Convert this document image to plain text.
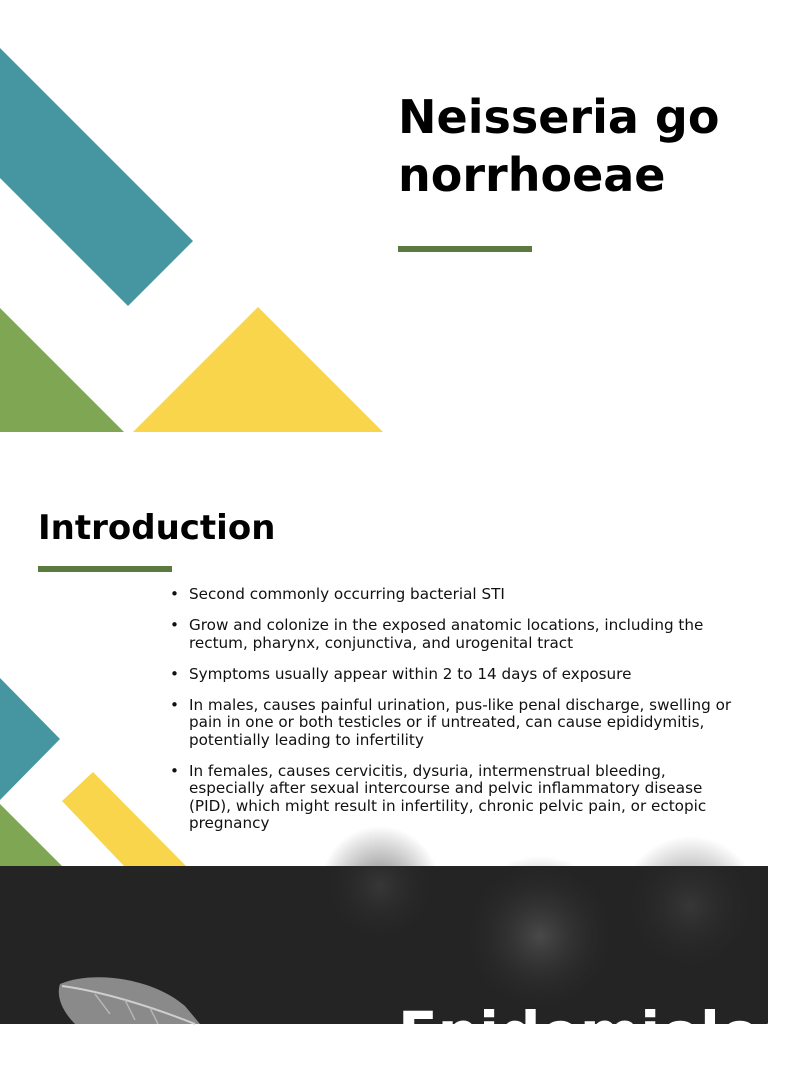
Neisseria gonorrhoeae
Introduction
• Second commonly occurring bacterial STI
• Grow and colonize in the exposed anatomic locations, including the rectum, pharynx, conjunctiva, and urogenital tract
• Symptoms usually appear within 2 to 14 days of exposure
• In males, causes painful urination, pus-like penal discharge, swelling or pain in one or both testicles or if untreated, can cause epididymitis, potentially leading to infertility
• In females, causes cervicitis, dysuria, intermenstrual bleeding, especially after sexual intercourse and pelvic inflammatory disease (PID), which might result in infertility, chronic pelvic pain, or ectopic pregnancy
Epidemiolog
